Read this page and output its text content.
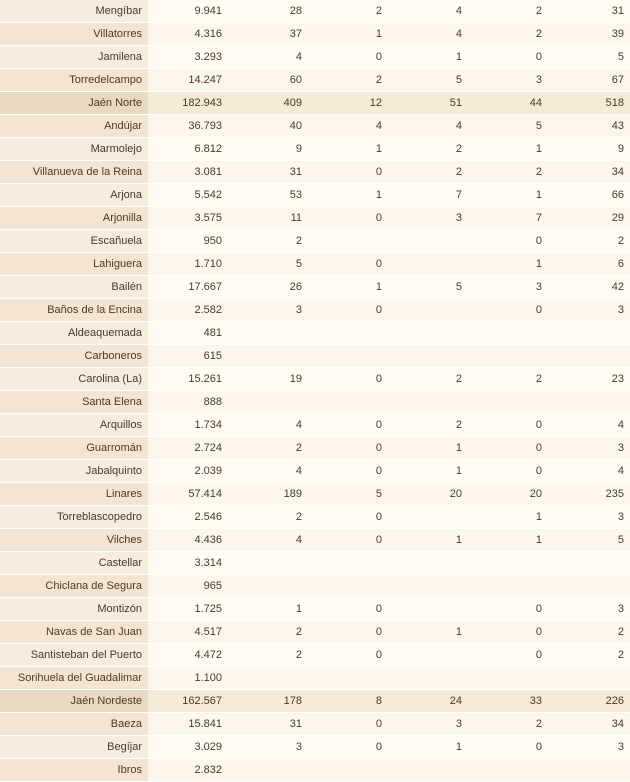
Mengíbar	9.941	28	2	4	2	31
Villatorres	4.316	37	1	4	2	39
Jamilena	3.293	4	0	1	0	5
Torredelcampo	14.247	60	2	5	3	67
Jaén Norte	182.943	409	12	51	44	518
Andújar	36.793	40	4	4	5	43
Marmolejo	6.812	9	1	2	1	9
Villanueva de la Reina	3.081	31	0	2	2	34
Arjona	5.542	53	1	7	1	66
Arjonilla	3.575	11	0	3	7	29
Escañuela	950	2			0	2
Lahiguera	1.710	5	0		1	6
Bailén	17.667	26	1	5	3	42
Baños de la Encina	2.582	3	0		0	3
Aldeaquemada	481					
Carboneros	615					
Carolina (La)	15.261	19	0	2	2	23
Santa Elena	888					
Arquillos	1.734	4	0	2	0	4
Guarromán	2.724	2	0	1	0	3
Jabalquinto	2.039	4	0	1	0	4
Linares	57.414	189	5	20	20	235
Torreblascopedro	2.546	2	0		1	3
Vilches	4.436	4	0	1	1	5
Castellar	3.314					
Chiclana de Segura	965					
Montizón	1.725	1	0		0	3
Navas de San Juan	4.517	2	0	1	0	2
Santisteban del Puerto	4.472	2	0		0	2
Sorihuela del Guadalimar	1.100					
Jaén Nordeste	162.567	178	8	24	33	226
Baeza	15.841	31	0	3	2	34
Begíjar	3.029	3	0	1	0	3
Ibros	2.832					
